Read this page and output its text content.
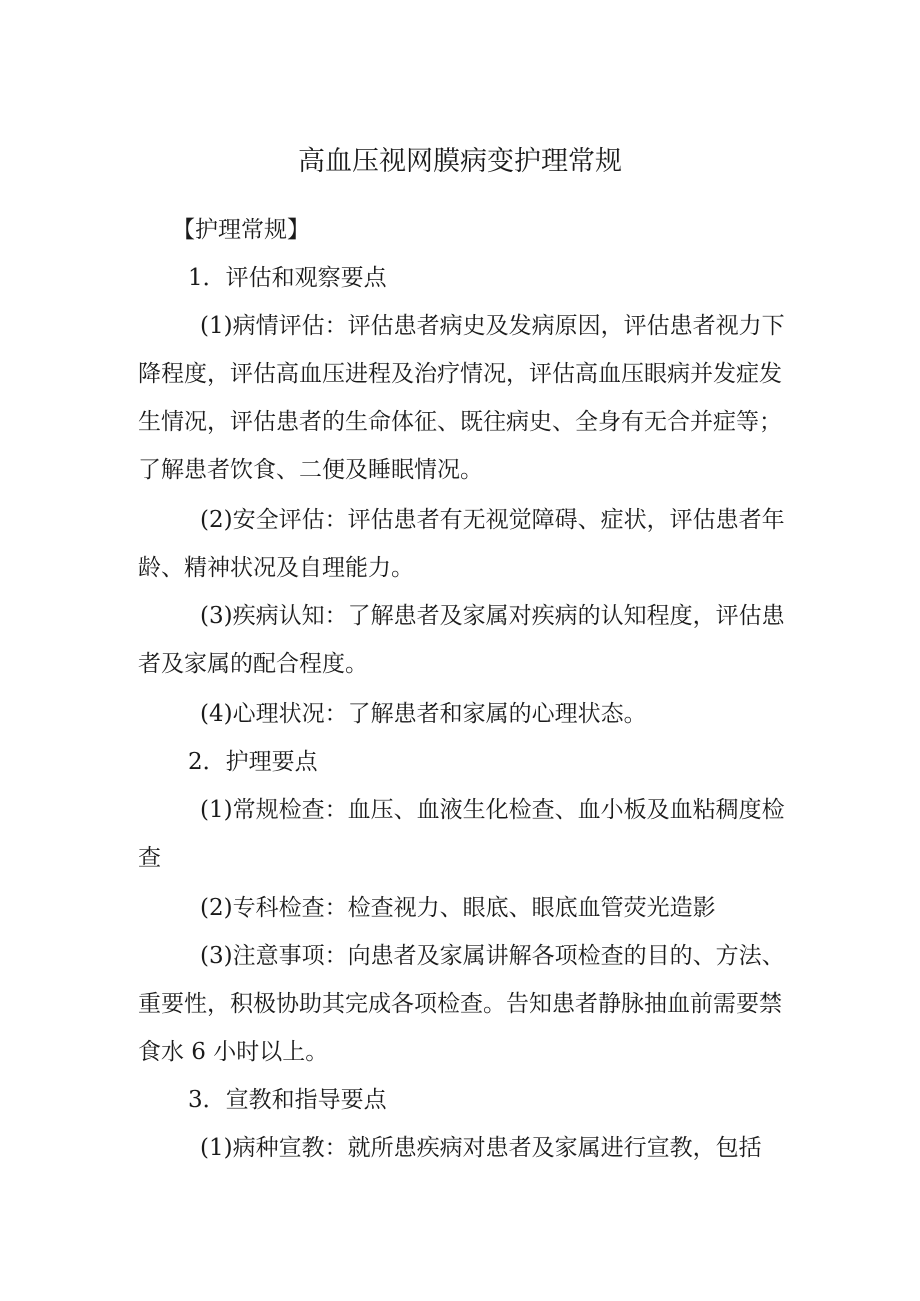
高血压视网膜病变护理常规

【护理常规】

1．评估和观察要点

(1)病情评估：评估患者病史及发病原因，评估患者视力下

降程度，评估高血压进程及治疗情况，评估高血压眼病并发症发

生情况，评估患者的生命体征、既往病史、全身有无合并症等；

了解患者饮食、二便及睡眠情况。

(2)安全评估：评估患者有无视觉障碍、症状，评估患者年

龄、精神状况及自理能力。

(3)疾病认知：了解患者及家属对疾病的认知程度，评估患

者及家属的配合程度。

(4)心理状况：了解患者和家属的心理状态。

2．护理要点

(1)常规检查：血压、血液生化检查、血小板及血粘稠度检

查

(2)专科检查：检查视力、眼底、眼底血管荧光造影

(3)注意事项：向患者及家属讲解各项检查的目的、方法、

重要性，积极协助其完成各项检查。告知患者静脉抽血前需要禁

食水 6 小时以上。

3．宣教和指导要点

(1)病种宣教：就所患疾病对患者及家属进行宣教，包括
